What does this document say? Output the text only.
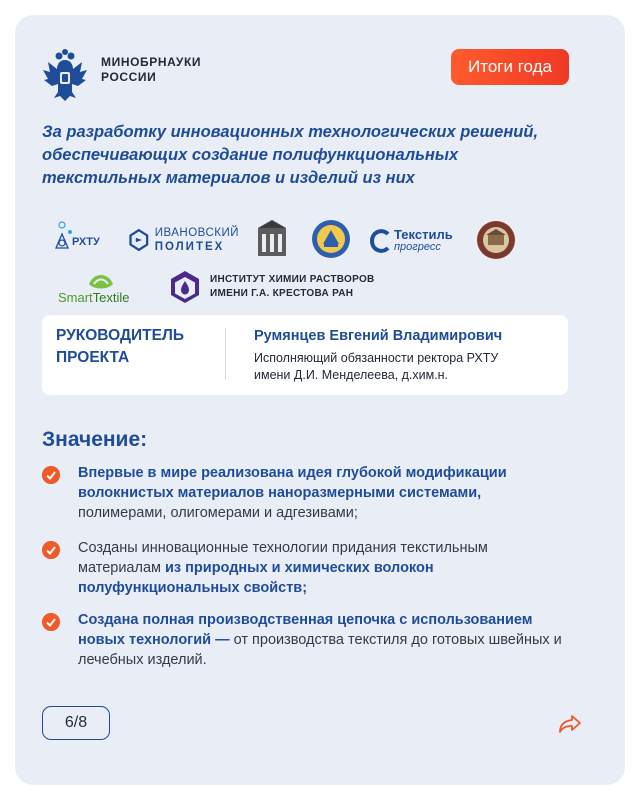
МИНОБРНАУКИ
РОССИИ
Итоги года
За разработку инновационных технологических решений,
обеспечивающих создание полифункциональных
текстильных материалов и изделий из них
РХТУ
ИВАНОВСКИЙ
ПОЛИТЕХ
Текстиль
прогресс
SmartTextile
ИНСТИТУТ ХИМИИ РАСТВОРОВ
ИМЕНИ Г.А. КРЕСТОВА РАН
РУКОВОДИТЕЛЬ
ПРОЕКТА
Румянцев Евгений Владимирович
Исполняющий обязанности ректора РХТУ
имени Д.И. Менделеева, д.хим.н.
Значение:
Впервые в мире реализована идея глубокой модификации волокнистых материалов наноразмерными системами, полимерами, олигомерами и адгезивами;
Созданы инновационные технологии придания текстильным материалам из природных и химических волокон полуфункциональных свойств;
Создана полная производственная цепочка с использованием новых технологий — от производства текстиля до готовых швейных и лечебных изделий.
6/8
